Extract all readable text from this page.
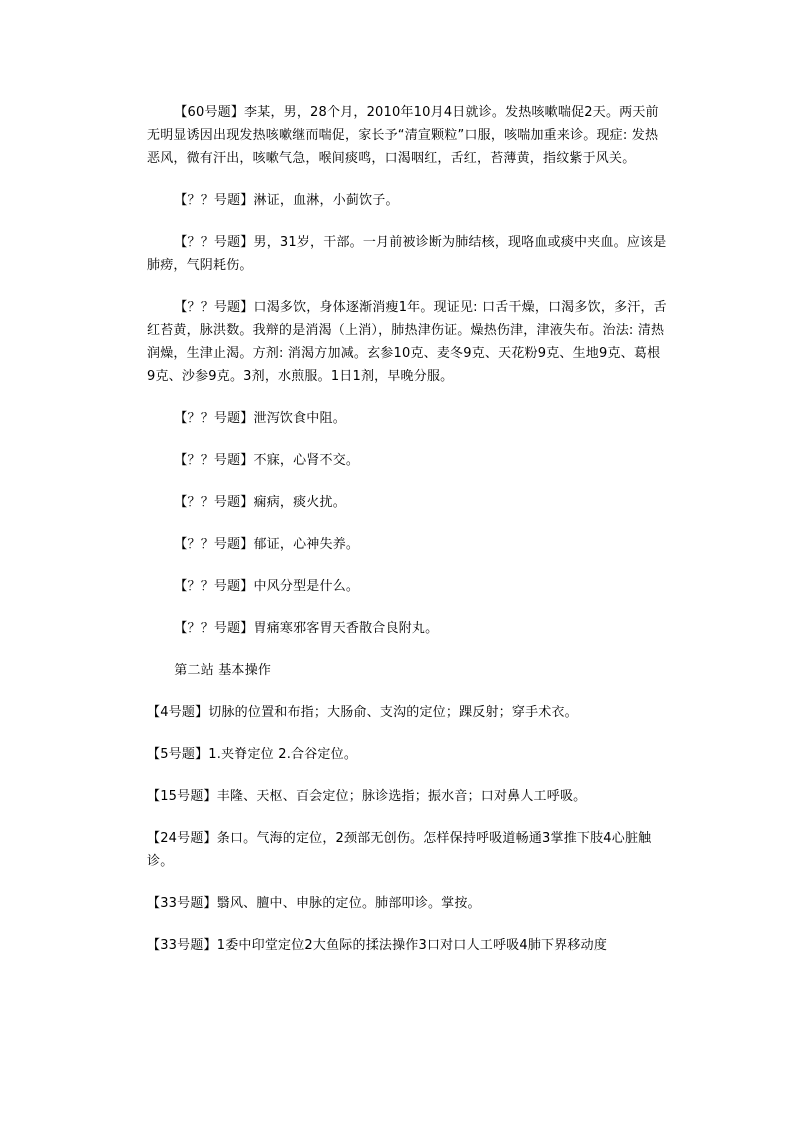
【60号题】李某，男，28个月，2010年10月4日就诊。发热咳嗽喘促2天。两天前无明显诱因出现发热咳嗽继而喘促，家长予“清宣颗粒”口服，咳喘加重来诊。现症: 发热恶风，微有汗出，咳嗽气急，喉间痰鸣，口渴咽红，舌红，苔薄黄，指纹紫于风关。

【？？号题】淋证，血淋，小蓟饮子。

【？？号题】男，31岁，干部。一月前被诊断为肺结核，现咯血或痰中夹血。应该是肺痨，气阴耗伤。

【？？号题】口渴多饮，身体逐渐消瘦1年。现证见: 口舌干燥，口渴多饮，多汗，舌红苔黄，脉洪数。我辩的是消渴（上消），肺热津伤证。燥热伤津，津液失布。治法: 清热润燥，生津止渴。方剂: 消渴方加减。玄参10克、麦冬9克、天花粉9克、生地9克、葛根9克、沙参9克。3剂，水煎服。1日1剂，早晚分服。

【？？号题】泄泻饮食中阻。

【？？号题】不寐，心肾不交。

【？？号题】痫病，痰火扰。

【？？号题】郁证，心神失养。

【？？号题】中风分型是什么。

【？？号题】胃痛寒邪客胃天香散合良附丸。

第二站 基本操作

【4号题】切脉的位置和布指；大肠俞、支沟的定位；踝反射；穿手术衣。

【5号题】1.夹脊定位 2.合谷定位。

【15号题】丰隆、天枢、百会定位；脉诊选指；振水音；口对鼻人工呼吸。

【24号题】条口。气海的定位，2颈部无创伤。怎样保持呼吸道畅通3掌推下肢4心脏触诊。

【33号题】翳风、膻中、申脉的定位。肺部叩诊。掌按。

【33号题】1委中印堂定位2大鱼际的揉法操作3口对口人工呼吸4肺下界移动度
